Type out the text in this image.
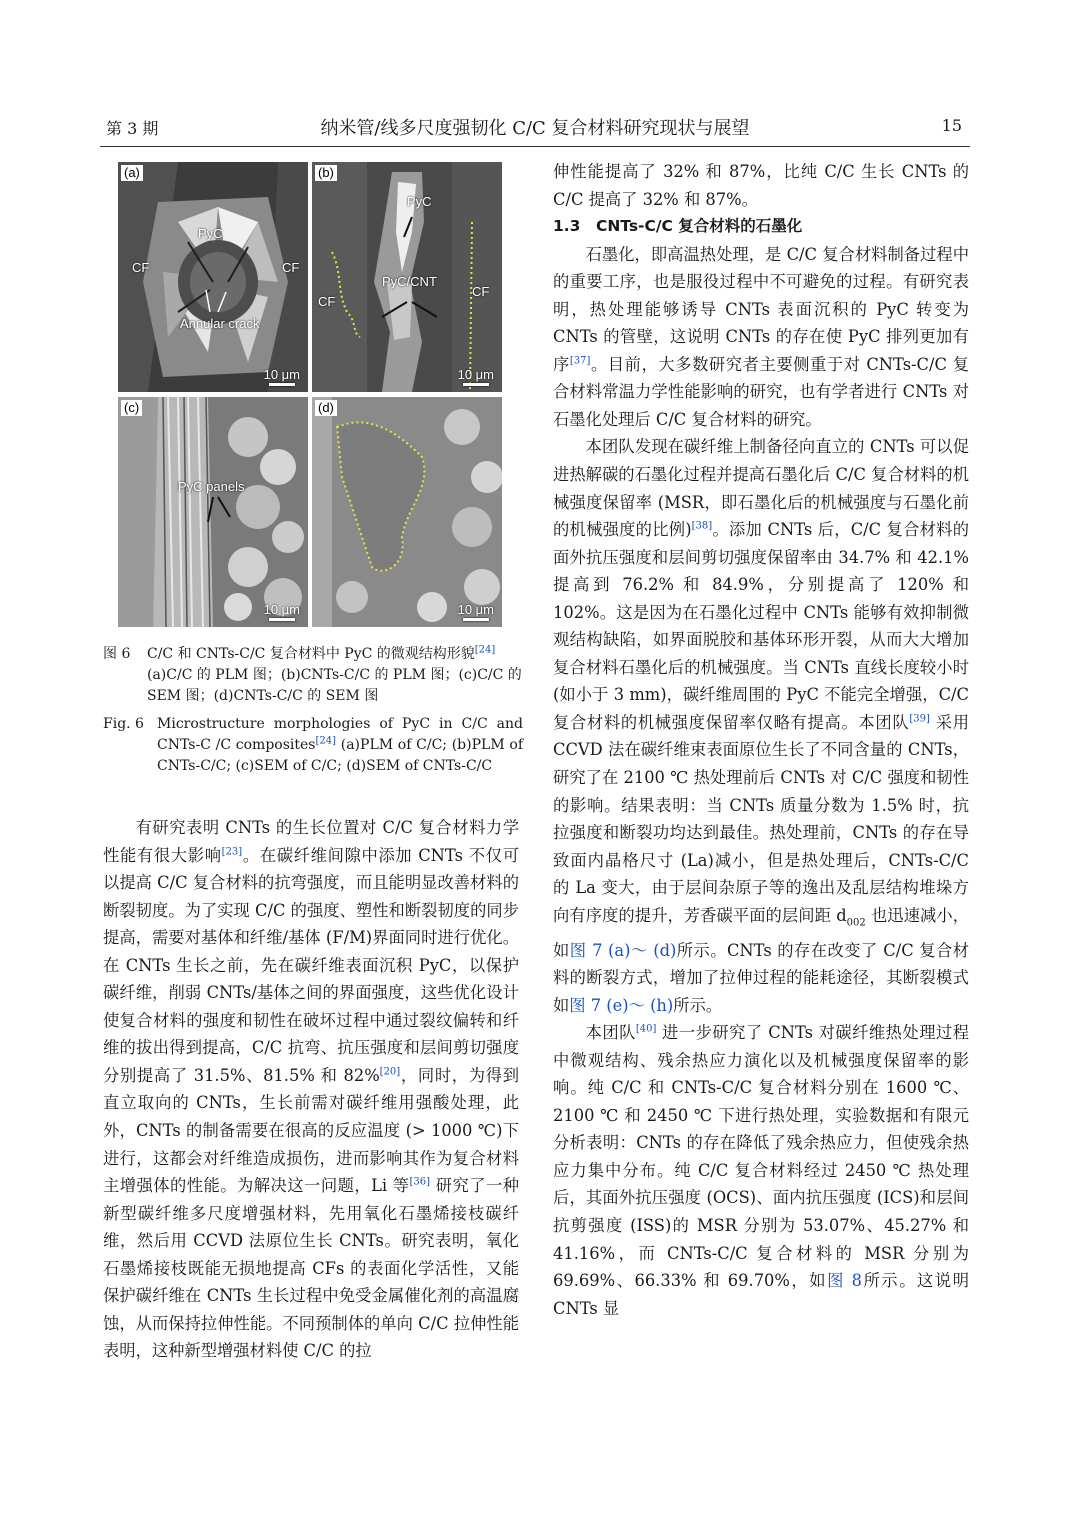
第 3 期	纳米管/线多尺度强韧化 C/C 复合材料研究现状与展望	15
(a)
PyC
CF	CF
Annular crack
10 μm
(b)
PyC
PyC/CNT
CF
CF
10 μm
(c)
PyC panels
10 μm
(d)
10 μm
图 6 C/C 和 CNTs-C/C 复合材料中 PyC 的微观结构形貌[24] (a)C/C 的 PLM 图；(b)CNTs-C/C 的 PLM 图；(c)C/C 的 SEM 图；(d)CNTs-C/C 的 SEM 图
Fig. 6 Microstructure morphologies of PyC in C/C and CNTs-C /C composites[24] (a)PLM of C/C; (b)PLM of CNTs-C/C; (c)SEM of C/C; (d)SEM of CNTs-C/C

有研究表明 CNTs 的生长位置对 C/C 复合材料力学性能有很大影响[23]。在碳纤维间隙中添加 CNTs 不仅可以提高 C/C 复合材料的抗弯强度，而且能明显改善材料的断裂韧度。为了实现 C/C 的强度、塑性和断裂韧度的同步提高，需要对基体和纤维/基体 (F/M)界面同时进行优化。在 CNTs 生长之前，先在碳纤维表面沉积 PyC，以保护碳纤维，削弱 CNTs/基体之间的界面强度，这些优化设计使复合材料的强度和韧性在破坏过程中通过裂纹偏转和纤维的拔出得到提高，C/C 抗弯、抗压强度和层间剪切强度分别提高了 31.5%、81.5% 和 82%[20]，同时，为得到直立取向的 CNTs，生长前需对碳纤维用强酸处理，此外，CNTs 的制备需要在很高的反应温度 (> 1000 ℃)下进行，这都会对纤维造成损伤，进而影响其作为复合材料主增强体的性能。为解决这一问题，Li 等[36] 研究了一种新型碳纤维多尺度增强材料，先用氧化石墨烯接枝碳纤维，然后用 CCVD 法原位生长 CNTs。研究表明，氧化石墨烯接枝既能无损地提高 CFs 的表面化学活性，又能保护碳纤维在 CNTs 生长过程中免受金属催化剂的高温腐蚀，从而保持拉伸性能。不同预制体的单向 C/C 拉伸性能表明，这种新型增强材料使 C/C 的拉

伸性能提高了 32% 和 87%，比纯 C/C 生长 CNTs 的 C/C 提高了 32% 和 87%。

1.3　CNTs-C/C 复合材料的石墨化

石墨化，即高温热处理，是 C/C 复合材料制备过程中的重要工序，也是服役过程中不可避免的过程。有研究表明，热处理能够诱导 CNTs 表面沉积的 PyC 转变为 CNTs 的管壁，这说明 CNTs 的存在使 PyC 排列更加有序[37]。目前，大多数研究者主要侧重于对 CNTs-C/C 复合材料常温力学性能影响的研究，也有学者进行 CNTs 对石墨化处理后 C/C 复合材料的研究。

本团队发现在碳纤维上制备径向直立的 CNTs 可以促进热解碳的石墨化过程并提高石墨化后 C/C 复合材料的机械强度保留率 (MSR，即石墨化后的机械强度与石墨化前的机械强度的比例)[38]。添加 CNTs 后，C/C 复合材料的面外抗压强度和层间剪切强度保留率由 34.7% 和 42.1% 提高到 76.2% 和 84.9%，分别提高了 120% 和 102%。这是因为在石墨化过程中 CNTs 能够有效抑制微观结构缺陷，如界面脱胶和基体环形开裂，从而大大增加复合材料石墨化后的机械强度。当 CNTs 直线长度较小时 (如小于 3 mm)，碳纤维周围的 PyC 不能完全增强，C/C 复合材料的机械强度保留率仅略有提高。本团队[39] 采用 CCVD 法在碳纤维束表面原位生长了不同含量的 CNTs，研究了在 2100 ℃ 热处理前后 CNTs 对 C/C 强度和韧性的影响。结果表明：当 CNTs 质量分数为 1.5% 时，抗拉强度和断裂功均达到最佳。热处理前，CNTs 的存在导致面内晶格尺寸 (La)减小，但是热处理后，CNTs-C/C 的 La 变大，由于层间杂原子等的逸出及乱层结构堆垛方向有序度的提升，芳香碳平面的层间距 $d_{002}$ 也迅速减小，如图 7 (a)～ (d)所示。CNTs 的存在改变了 C/C 复合材料的断裂方式，增加了拉伸过程的能耗途径，其断裂模式如图 7 (e)～ (h)所示。

本团队[40] 进一步研究了 CNTs 对碳纤维热处理过程中微观结构、残余热应力演化以及机械强度保留率的影响。纯 C/C 和 CNTs-C/C 复合材料分别在 1600 ℃、2100 ℃ 和 2450 ℃ 下进行热处理，实验数据和有限元分析表明：CNTs 的存在降低了残余热应力，但使残余热应力集中分布。纯 C/C 复合材料经过 2450 ℃ 热处理后，其面外抗压强度 (OCS)、面内抗压强度 (ICS)和层间抗剪强度 (ISS)的 MSR 分别为 53.07%、45.27% 和 41.16%，而 CNTs-C/C 复合材料的 MSR 分别为 69.69%、66.33% 和 69.70%，如图 8所示。这说明 CNTs 显
